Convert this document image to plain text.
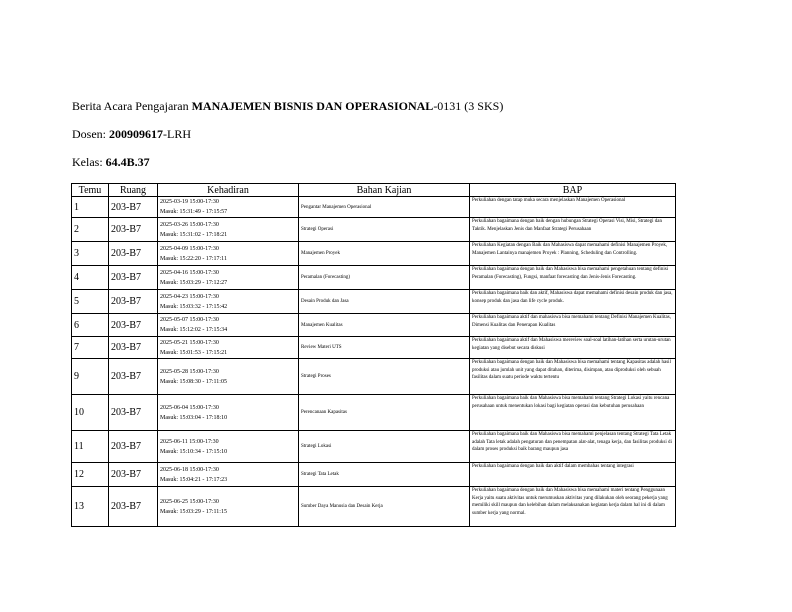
Berita Acara Pengajaran MANAJEMEN BISNIS DAN OPERASIONAL-0131 (3 SKS)
Dosen: 200909617-LRH
Kelas: 64.4B.37
Temu	Ruang	Kehadiran	Bahan Kajian	BAP
1	203-B7	2025-03-19 15:00-17:30
Masuk: 15:31:49 - 17:15:57	Pengantar Manajemen Operasional	Perkuliahan dengan tatap muka secara menjelaskan Manajemen Operasional
2	203-B7	2025-03-26 15:00-17:30
Masuk: 15:31:02 - 17:18:21	Strategi Operasi	Perkuliahan bagaimana dengan baik dengan hubungan Strategi Operasi Visi, Misi, Strategi dan Taktik. Menjelaskan Jenis dan Manfaat Strategi Perusahaan
3	203-B7	2025-04-09 15:00-17:30
Masuk: 15:22:20 - 17:17:11	Manajemen Proyek	Perkuliahan Kegiatan dengan Baik dan Mahasiswa dapat memahami definisi Manajemen Proyek, Manajemen Lantainya manajemen Proyek : Planning, Scheduling dan Controlling.
4	203-B7	2025-04-16 15:00-17:30
Masuk: 15:03:29 - 17:12:27	Peramalan (Forecasting)	Perkuliahan bagaimana dengan baik dan Mahasiswa bisa memahami pengetahuan tentang definisi Peramalan (Forecasting), Fungsi, manfaat forecasting dan Jenis-Jenis Forecasting.
5	203-B7	2025-04-23 15:00-17:30
Masuk: 15:03:32 - 17:15:42	Desain Produk dan Jasa	Perkuliahan bagaimana baik dan aktif, Mahasiswa dapat memahami definisi desain produk dan jasa, konsep produk dan jasa dan life cycle produk.
6	203-B7	2025-05-07 15:00-17:30
Masuk: 15:12:02 - 17:15:34	Manajemen Kualitas	Perkuliahan bagaimana aktif dan mahasiswa bisa memahami tentang Definisi Manajemen Kualitas, Dimensi Kualitas dan Penerapan Kualitas
7	203-B7	2025-05-21 15:00-17:30
Masuk: 15:01:53 - 17:15:21	Review Materi UTS	Perkuliahan bagaimana aktif dan Mahasiswa mereview soal-soal latihan-latihan serta urutan-urutan kegiatan yang disebut secara diskusi
9	203-B7	2025-05-28 15:00-17:30
Masuk: 15:08:30 - 17:11:05	Strategi Proses	Perkuliahan bagaimana dengan baik dan Mahasiswa bisa memahami tentang Kapasitas adalah hasil produksi atau jumlah unit yang dapat ditahan, diterima, disimpan, atau diproduksi oleh sebuah fasilitas dalam suatu periode waktu tertentu
10	203-B7	2025-06-04 15:00-17:30
Masuk: 15:03:04 - 17:18:10	Perencanaan Kapasitas	Perkuliahan bagaimana baik dan Mahasiswa bisa memahami tentang Strategi Lokasi yaitu rencana perusahaan untuk menentukan lokasi bagi kegiatan operasi dan kebutuhan perusahaan
11	203-B7	2025-06-11 15:00-17:30
Masuk: 15:10:34 - 17:15:10	Strategi Lokasi	Perkuliahan bagaimana baik dan Mahasiswa bisa memahami penjelasan tentang Strategi Tata Letak adalah Tata letak adalah pengaturan dan penempatan alat-alat, tenaga kerja, dan fasilitas produksi di dalam proses produksi baik barang maupun jasa
12	203-B7	2025-06-18 15:00-17:30
Masuk: 15:04:21 - 17:17:23	Strategi Tata Letak	Perkuliahan bagaimana dengan baik dan aktif dalam membahas tentang integrasi
13	203-B7	2025-06-25 15:00-17:30
Masuk: 15:03:29 - 17:11:15	Sumber Daya Manusia dan Desain Kerja	Perkuliahan bagaimana dengan baik dan Mahasiswa bisa memahami materi tentang Penggunaan Kerja yaitu suatu aktivitas untuk merumuskan aktivitas yang dilakukan oleh seorang pekerja yang memiliki skill maupun dan kelebihan dalam melaksanakan kegiatan kerja dalam hal ini di dalam sumber kerja yang normal.
